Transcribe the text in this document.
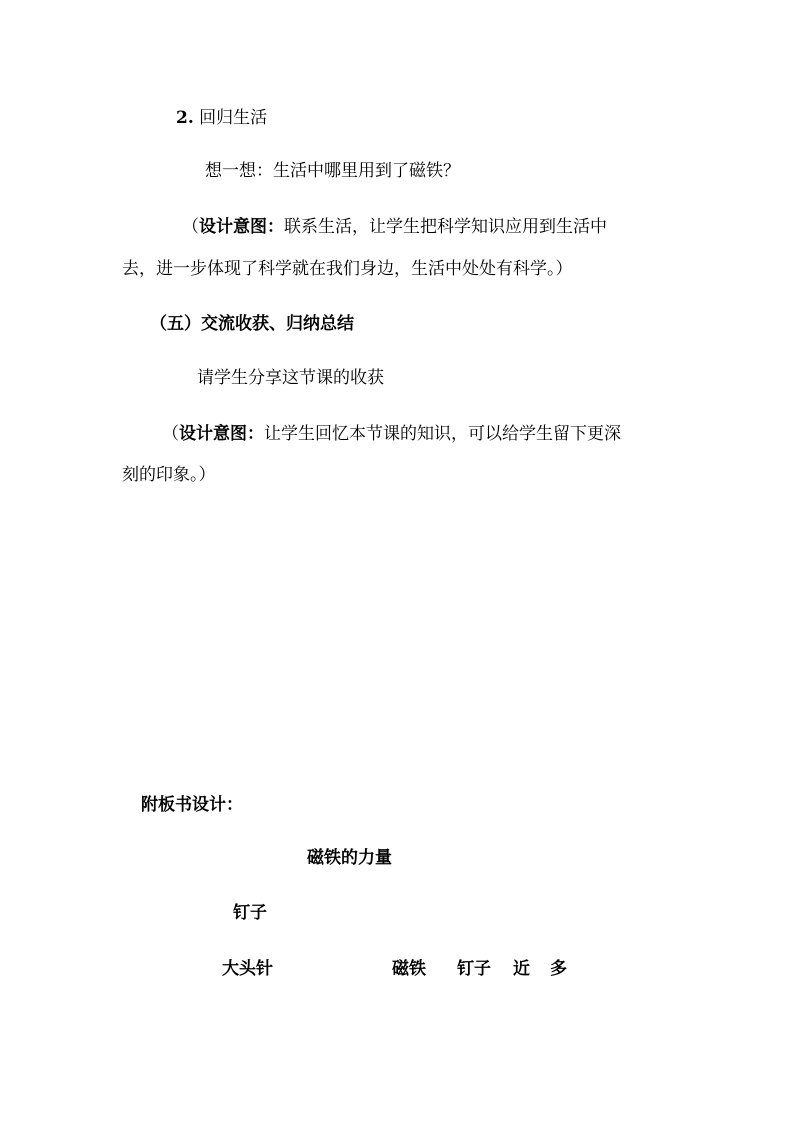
2. 回归生活
想一想：生活中哪里用到了磁铁？
（设计意图：联系生活，让学生把科学知识应用到生活中
去，进一步体现了科学就在我们身边，生活中处处有科学。）
（五）交流收获、归纳总结
请学生分享这节课的收获
（设计意图：让学生回忆本节课的知识，可以给学生留下更深
刻的印象。）
附板书设计：
磁铁的力量
钉子
大头针	磁铁 钉子 近 多
